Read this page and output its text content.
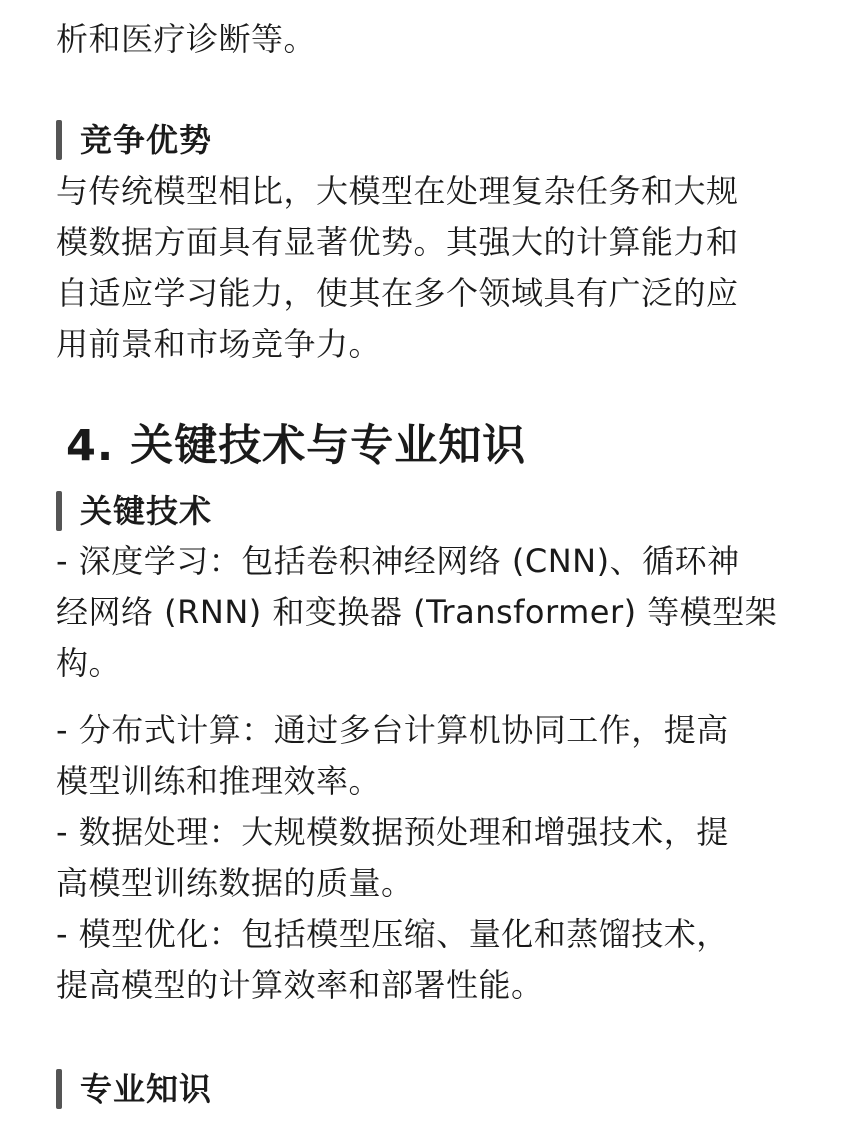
析和医疗诊断等。

竞争优势

与传统模型相比，大模型在处理复杂任务和大规
模数据方面具有显著优势。其强大的计算能力和
自适应学习能力，使其在多个领域具有广泛的应
用前景和市场竞争力。

4. 关键技术与专业知识
关键技术

- 深度学习：包括卷积神经网络 (CNN)、循环神
经网络 (RNN) 和变换器 (Transformer) 等模型架
构。

- 分布式计算：通过多台计算机协同工作，提高
模型训练和推理效率。

- 数据处理：大规模数据预处理和增强技术，提
高模型训练数据的质量。

- 模型优化：包括模型压缩、量化和蒸馏技术，
提高模型的计算效率和部署性能。

专业知识
